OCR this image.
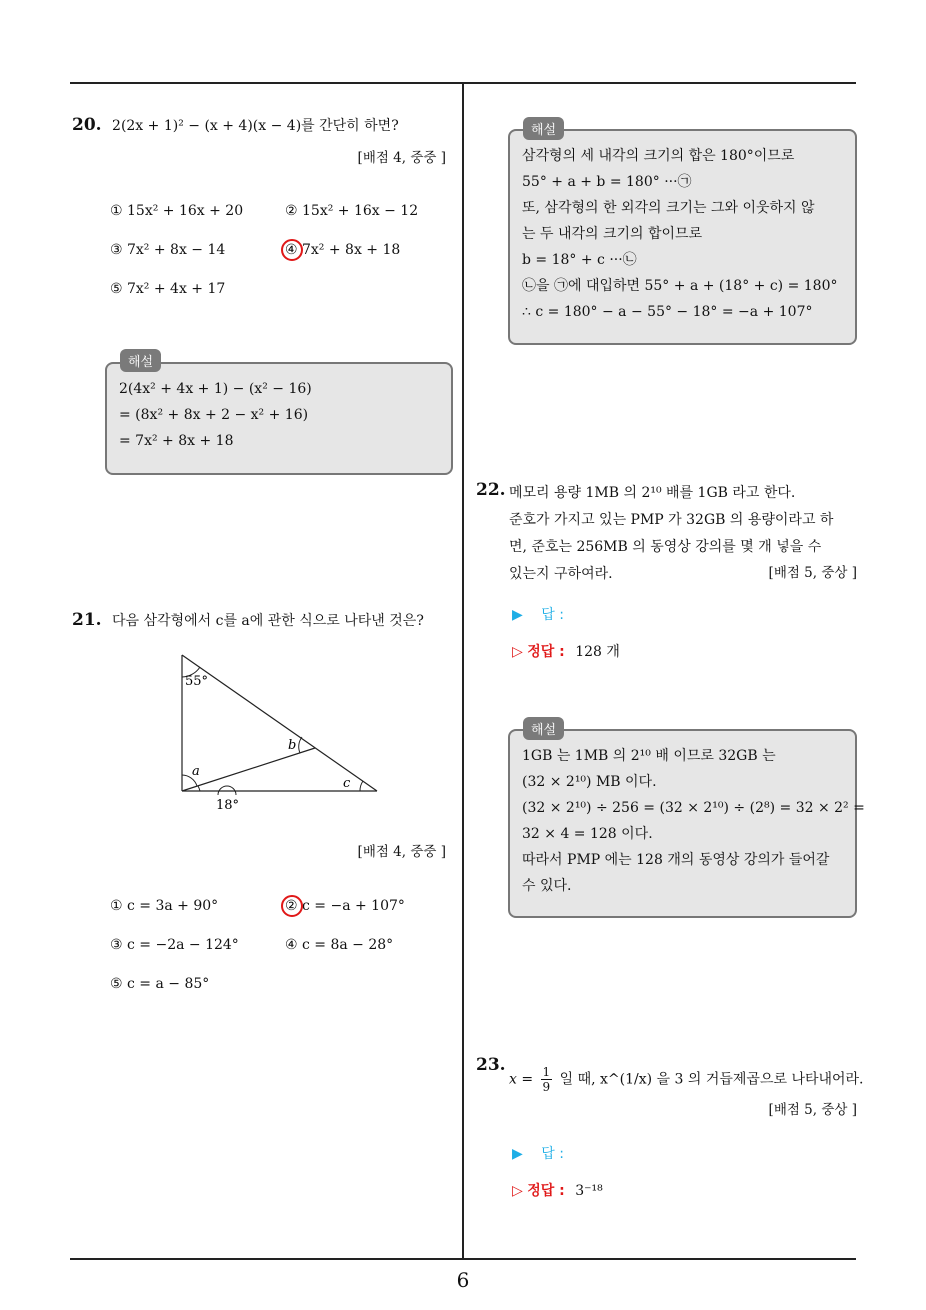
20. 2(2x + 1)² − (x + 4)(x − 4)를 간단히 하면?
[배점 4, 중중 ]
① 15x² + 16x + 20	② 15x² + 16x − 12
③ 7x² + 8x − 14	④ 7x² + 8x + 18
⑤ 7x² + 4x + 17
2(4x² + 4x + 1) − (x² − 16)
= (8x² + 8x + 2 − x² + 16)
= 7x² + 8x + 18
해설
21. 다음 삼각형에서 c를 a에 관한 식으로 나타낸 것은?
55°
a
b
c
18°
[배점 4, 중중 ]
① c = 3a + 90°	② c = −a + 107°
③ c = −2a − 124°	④ c = 8a − 28°
⑤ c = a − 85°
삼각형의 세 내각의 크기의 합은 180°이므로
55° + a + b = 180° ···㉠
또, 삼각형의 한 외각의 크기는 그와 이웃하지 않
는 두 내각의 크기의 합이므로
b = 18° + c ···㉡
㉡을 ㉠에 대입하면 55° + a + (18° + c) = 180°
∴ c = 180° − a − 55° − 18° = −a + 107°
해설
22. 메모리 용량 1MB 의 2¹⁰ 배를 1GB 라고 한다.
준호가 가지고 있는 PMP 가 32GB 의 용량이라고 하
면, 준호는 256MB 의 동영상 강의를 몇 개 넣을 수
있는지 구하여라.	[배점 5, 중상 ]
▶ 답 :
▷ 정답 : 128 개
1GB 는 1MB 의 2¹⁰ 배 이므로 32GB 는
(32 × 2¹⁰) MB 이다.
(32 × 2¹⁰) ÷ 256 = (32 × 2¹⁰) ÷ (2⁸) = 32 × 2² =
32 × 4 = 128 이다.
따라서 PMP 에는 128 개의 동영상 강의가 들어갈
수 있다.
해설
23.
$x = \frac{1}{9}$ 일 때, x^(1/x) 을 3 의 거듭제곱으로 나타내어라.
[배점 5, 중상 ]
▶ 답 :
▷ 정답 : 3⁻¹⁸
6
